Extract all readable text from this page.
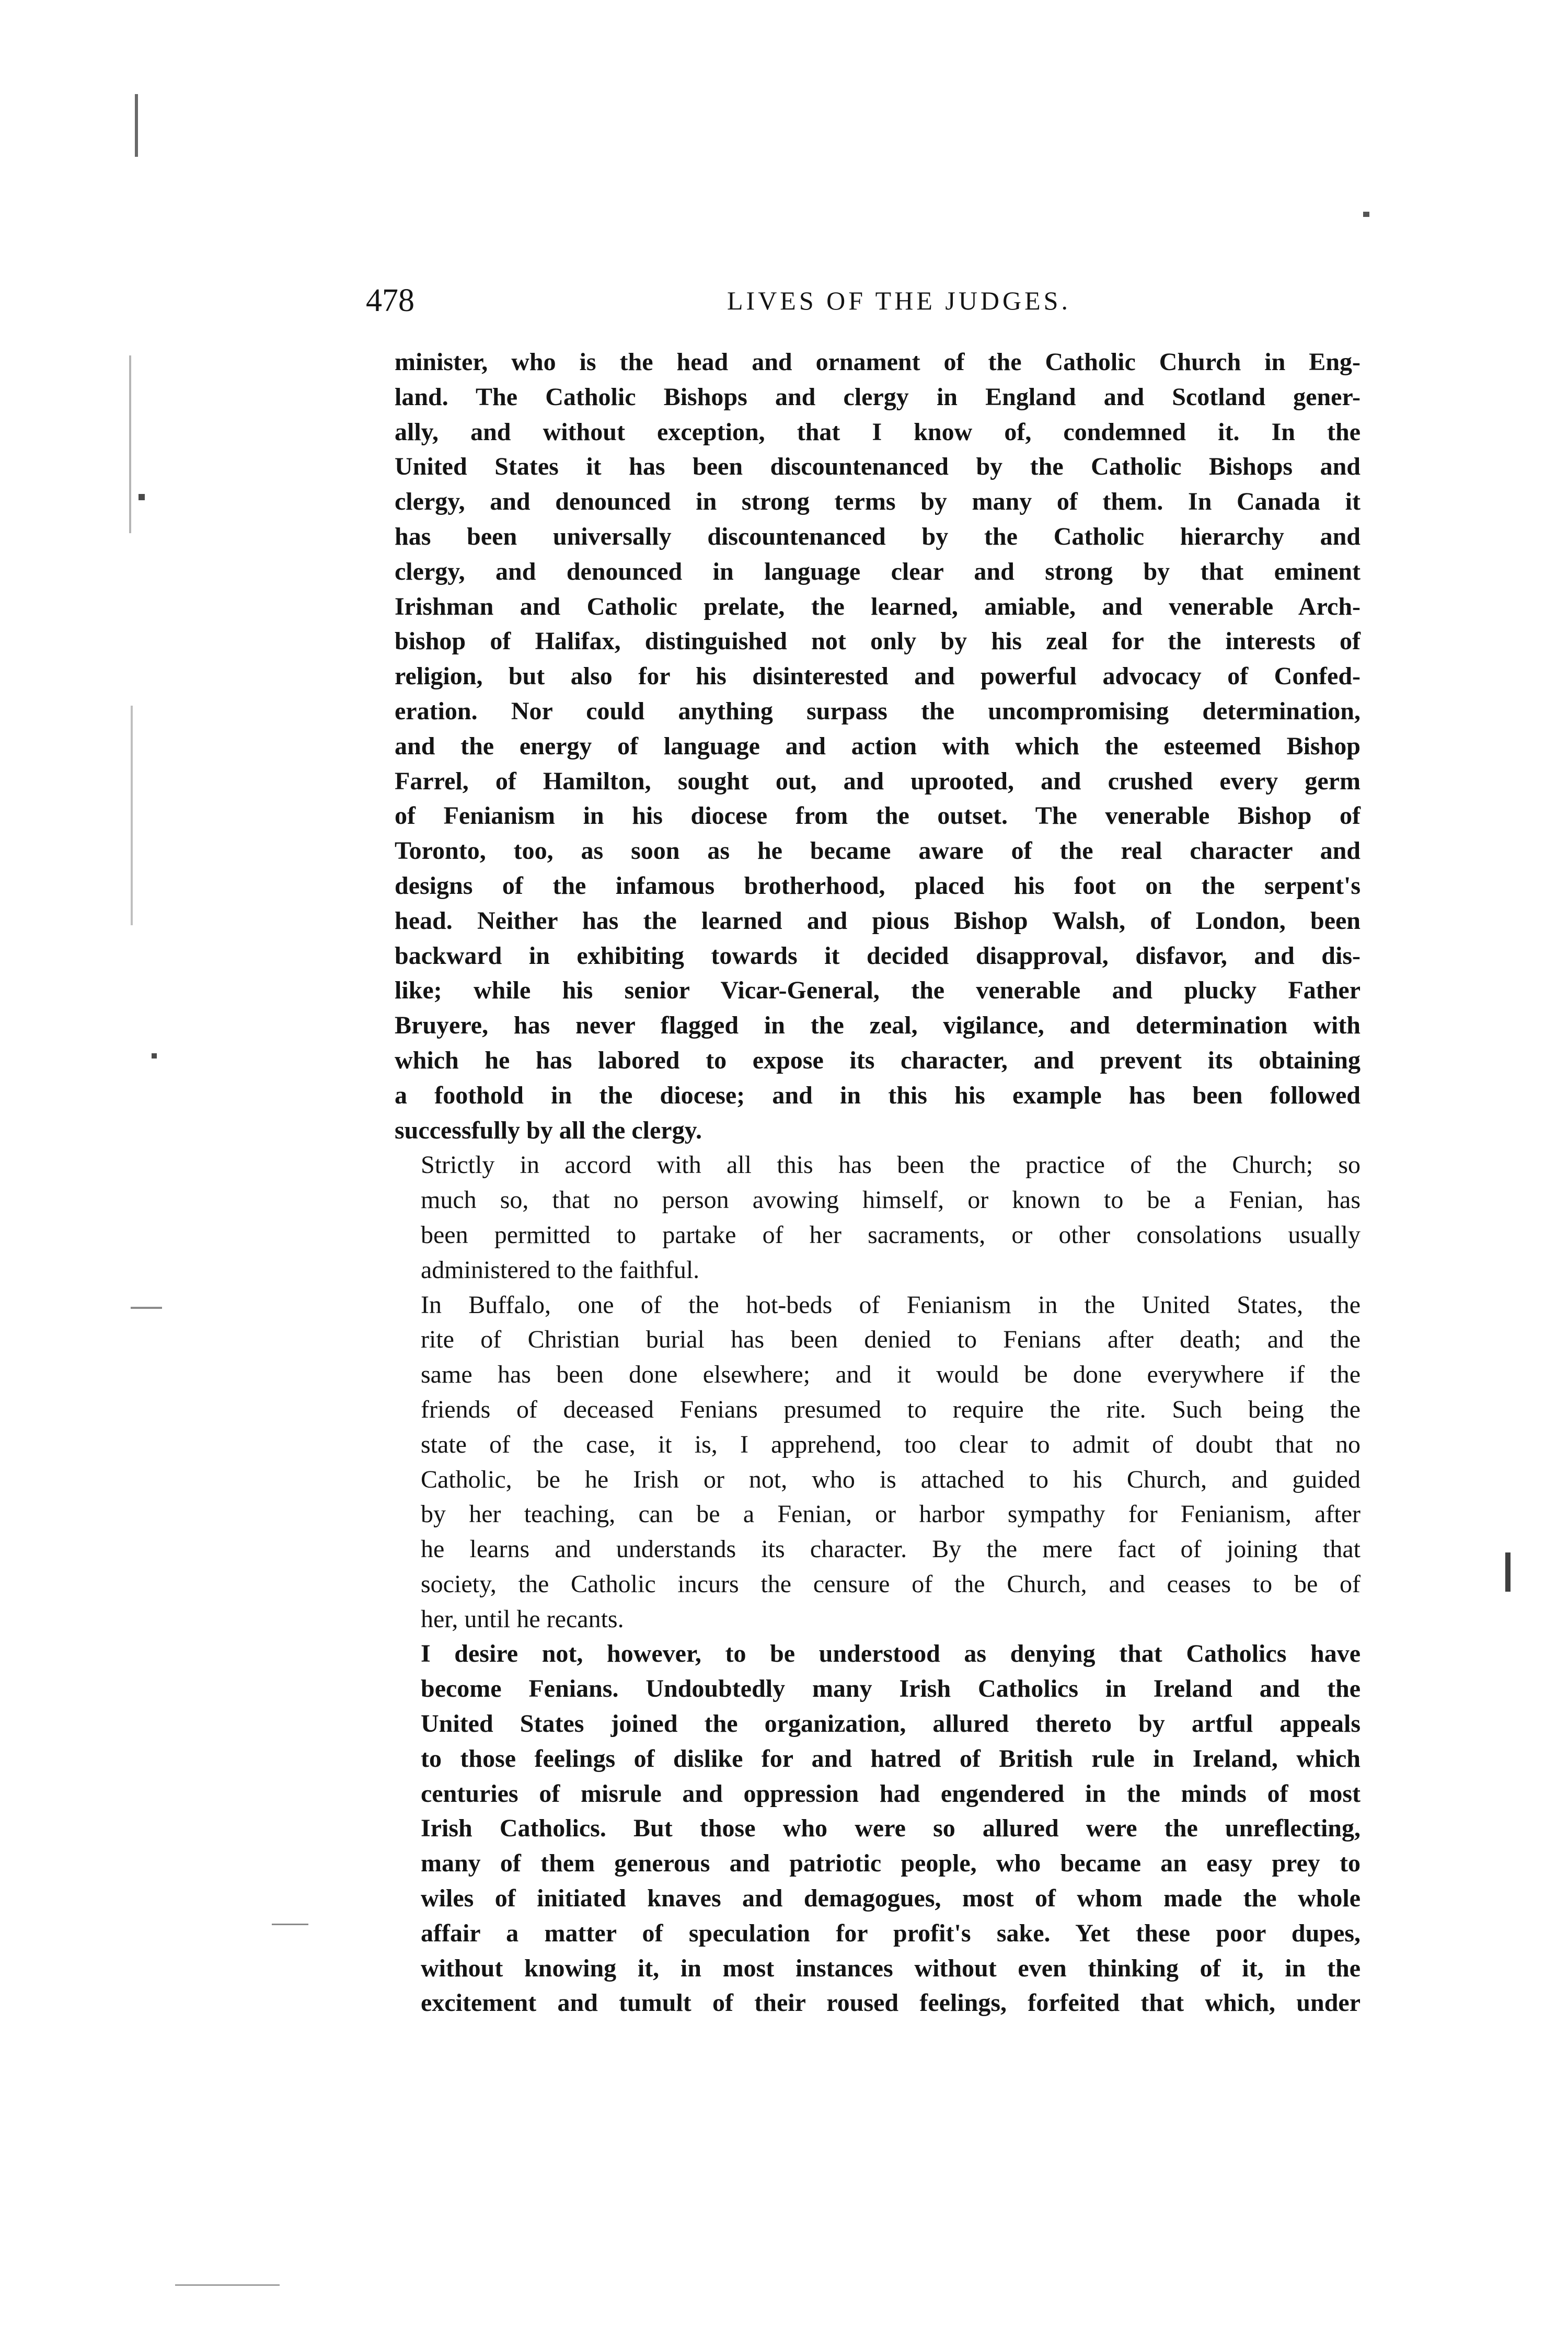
478	LIVES OF THE JUDGES.
minister, who is the head and ornament of the Catholic Church in Eng-
land. The Catholic Bishops and clergy in England and Scotland gener-
ally, and without exception, that I know of, condemned it. In the
United States it has been discountenanced by the Catholic Bishops and
clergy, and denounced in strong terms by many of them. In Canada it
has been universally discountenanced by the Catholic hierarchy and
clergy, and denounced in language clear and strong by that eminent
Irishman and Catholic prelate, the learned, amiable, and venerable Arch-
bishop of Halifax, distinguished not only by his zeal for the interests of
religion, but also for his disinterested and powerful advocacy of Confed-
eration. Nor could anything surpass the uncompromising determination,
and the energy of language and action with which the esteemed Bishop
Farrel, of Hamilton, sought out, and uprooted, and crushed every germ
of Fenianism in his diocese from the outset. The venerable Bishop of
Toronto, too, as soon as he became aware of the real character and
designs of the infamous brotherhood, placed his foot on the serpent's
head. Neither has the learned and pious Bishop Walsh, of London, been
backward in exhibiting towards it decided disapproval, disfavor, and dis-
like; while his senior Vicar-General, the venerable and plucky Father
Bruyere, has never flagged in the zeal, vigilance, and determination with
which he has labored to expose its character, and prevent its obtaining
a foothold in the diocese; and in this his example has been followed
successfully by all the clergy.
Strictly in accord with all this has been the practice of the Church; so
much so, that no person avowing himself, or known to be a Fenian, has
been permitted to partake of her sacraments, or other consolations usually
administered to the faithful.
In Buffalo, one of the hot-beds of Fenianism in the United States, the
rite of Christian burial has been denied to Fenians after death; and the
same has been done elsewhere; and it would be done everywhere if the
friends of deceased Fenians presumed to require the rite. Such being the
state of the case, it is, I apprehend, too clear to admit of doubt that no
Catholic, be he Irish or not, who is attached to his Church, and guided
by her teaching, can be a Fenian, or harbor sympathy for Fenianism, after
he learns and understands its character. By the mere fact of joining that
society, the Catholic incurs the censure of the Church, and ceases to be of
her, until he recants.
I desire not, however, to be understood as denying that Catholics have
become Fenians. Undoubtedly many Irish Catholics in Ireland and the
United States joined the organization, allured thereto by artful appeals
to those feelings of dislike for and hatred of British rule in Ireland, which
centuries of misrule and oppression had engendered in the minds of most
Irish Catholics. But those who were so allured were the unreflecting,
many of them generous and patriotic people, who became an easy prey to
wiles of initiated knaves and demagogues, most of whom made the whole
affair a matter of speculation for profit's sake. Yet these poor dupes,
without knowing it, in most instances without even thinking of it, in the
excitement and tumult of their roused feelings, forfeited that which, under
